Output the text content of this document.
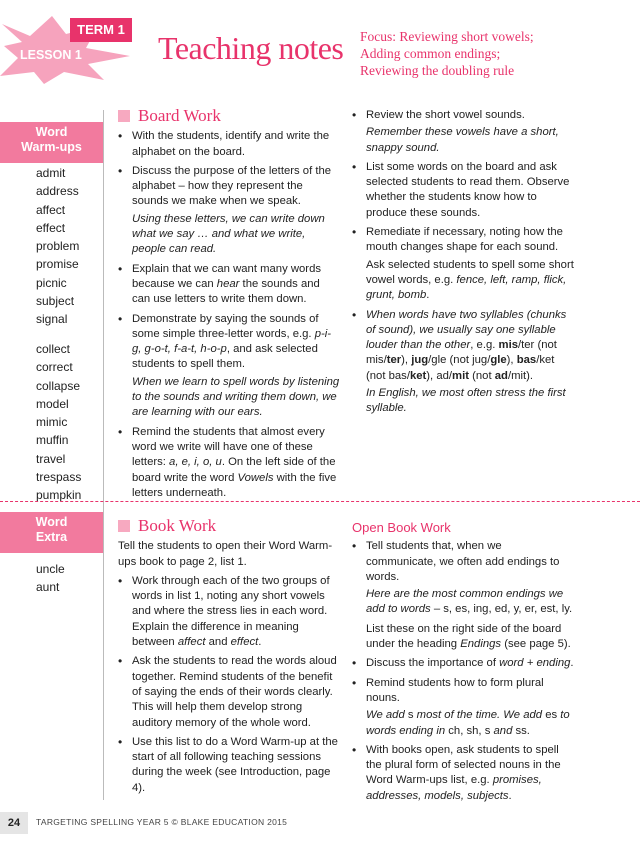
TERM 1
LESSON 1 Teaching notes Focus: Reviewing short vowels;
Adding common endings;
Reviewing the doubling rule
Word
Warm-ups
admit
address
affect
effect
problem
promise
picnic
subject
signal
collect
correct
collapse
model
mimic
muffin
travel
trespass
pumpkin
Word
Extra
uncle
aunt
Board Work
• With the students, identify and write the alphabet on the board.
• Discuss the purpose of the letters of the alphabet – how they represent the sounds we make when we speak.
Using these letters, we can write down what we say … and what we write, people can read.
• Explain that we can want many words because we can hear the sounds and can use letters to write them down.
• Demonstrate by saying the sounds of some simple three-letter words, e.g. p-i-g, g-o-t, f-a-t, h-o-p, and ask selected students to spell them.
When we learn to spell words by listening to the sounds and writing them down, we are learning with our ears.
• Remind the students that almost every word we write will have one of these letters: a, e, i, o, u. On the left side of the board write the word Vowels with the five letters underneath.
• Review the short vowel sounds.
Remember these vowels have a short, snappy sound.
• List some words on the board and ask selected students to read them. Observe whether the students know how to produce these sounds.
• Remediate if necessary, noting how the mouth changes shape for each sound.
Ask selected students to spell some short vowel words, e.g. fence, left, ramp, flick, grunt, bomb.
• When words have two syllables (chunks of sound), we usually say one syllable louder than the other, e.g. mis/ter (not mis/ter), jug/gle (not jug/gle), bas/ket (not bas/ket), ad/mit (not ad/mit).
In English, we most often stress the first syllable.
Book Work

Tell the students to open their Word Warm-ups book to page 2, list 1.

• Work through each of the two groups of words in list 1, noting any short vowels and where the stress lies in each word. Explain the difference in meaning between affect and effect.
• Ask the students to read the words aloud together. Remind students of the benefit of saying the ends of their words clearly. This will help them develop strong auditory memory of the whole word.
• Use this list to do a Word Warm-up at the start of all following teaching sessions during the week (see Introduction, page 4).
Open Book Work
• Tell students that, when we communicate, we often add endings to words.
Here are the most common endings we add to words – s, es, ing, ed, y, er, est, ly.
List these on the right side of the board under the heading Endings (see page 5).
• Discuss the importance of word + ending.
• Remind students how to form plural nouns.
We add s most of the time. We add es to words ending in ch, sh, s and ss.
• With books open, ask students to spell the plural form of selected nouns in the Word Warm-ups list, e.g. promises, addresses, models, subjects.
24	TARGETING SPELLING YEAR 5 © BLAKE EDUCATION 2015
